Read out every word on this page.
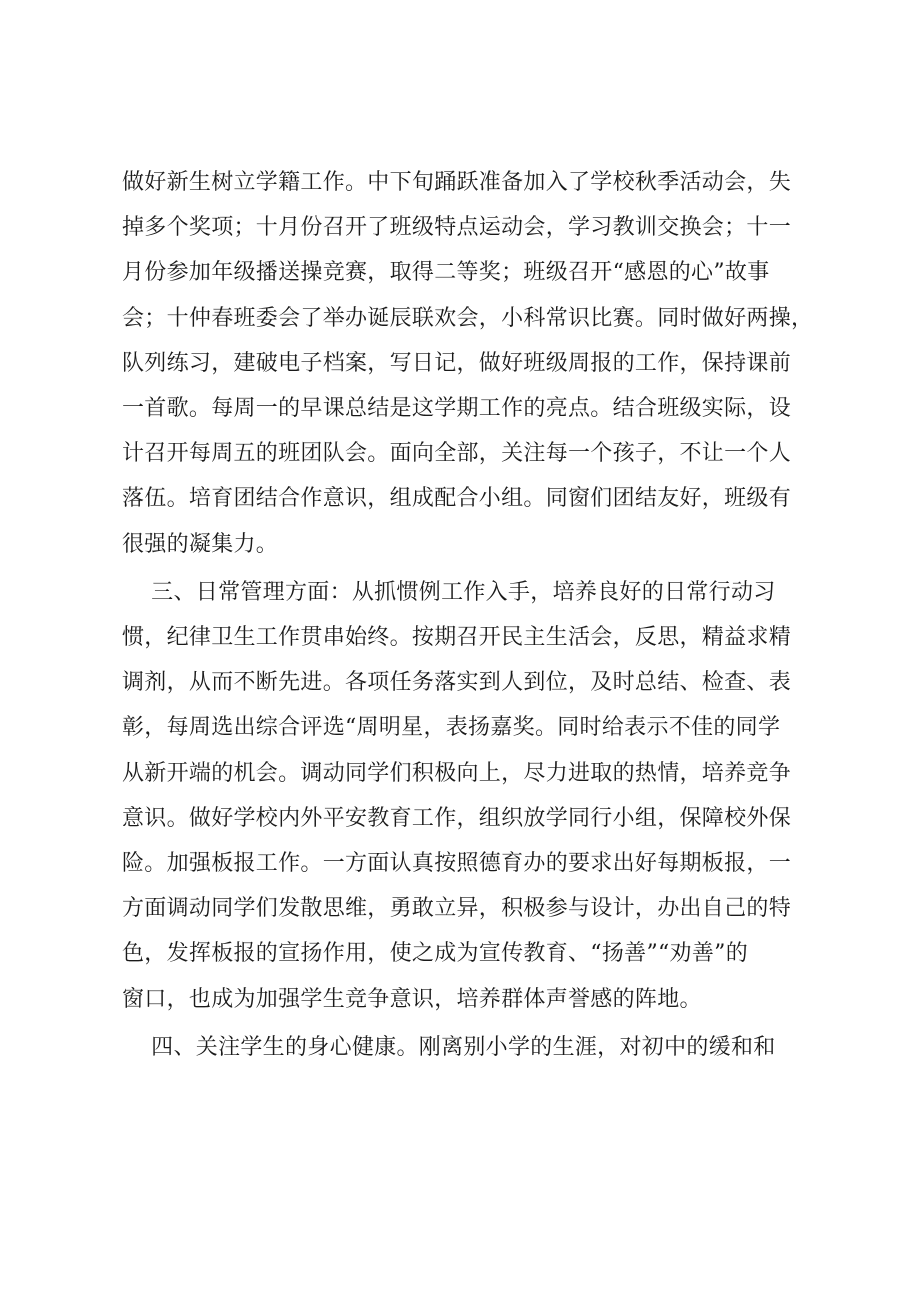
做好新生树立学籍工作。中下旬踊跃准备加入了学校秋季活动会，失
掉多个奖项；十月份召开了班级特点运动会，学习教训交换会；十一
月份参加年级播送操竞赛，取得二等奖；班级召开“感恩的心”故事
会；十仲春班委会了举办诞辰联欢会，小科常识比赛。同时做好两操，
队列练习，建破电子档案，写日记，做好班级周报的工作，保持课前
一首歌。每周一的早课总结是这学期工作的亮点。结合班级实际，设
计召开每周五的班团队会。面向全部，关注每一个孩子，不让一个人
落伍。培育团结合作意识，组成配合小组。同窗们团结友好，班级有
很强的凝集力。

三、日常管理方面：从抓惯例工作入手，培养良好的日常行动习
惯，纪律卫生工作贯串始终。按期召开民主生活会，反思，精益求精
调剂，从而不断先进。各项任务落实到人到位，及时总结、检查、表
彰，每周选出综合评选“周明星，表扬嘉奖。同时给表示不佳的同学
从新开端的机会。调动同学们积极向上，尽力进取的热情，培养竞争
意识。做好学校内外平安教育工作，组织放学同行小组，保障校外保
险。加强板报工作。一方面认真按照德育办的要求出好每期板报，一
方面调动同学们发散思维，勇敢立异，积极参与设计，办出自己的特
色，发挥板报的宣扬作用，使之成为宣传教育、“扬善”“劝善”的
窗口，也成为加强学生竞争意识，培养群体声誉感的阵地。

四、关注学生的身心健康。刚离别小学的生涯，对初中的缓和和
